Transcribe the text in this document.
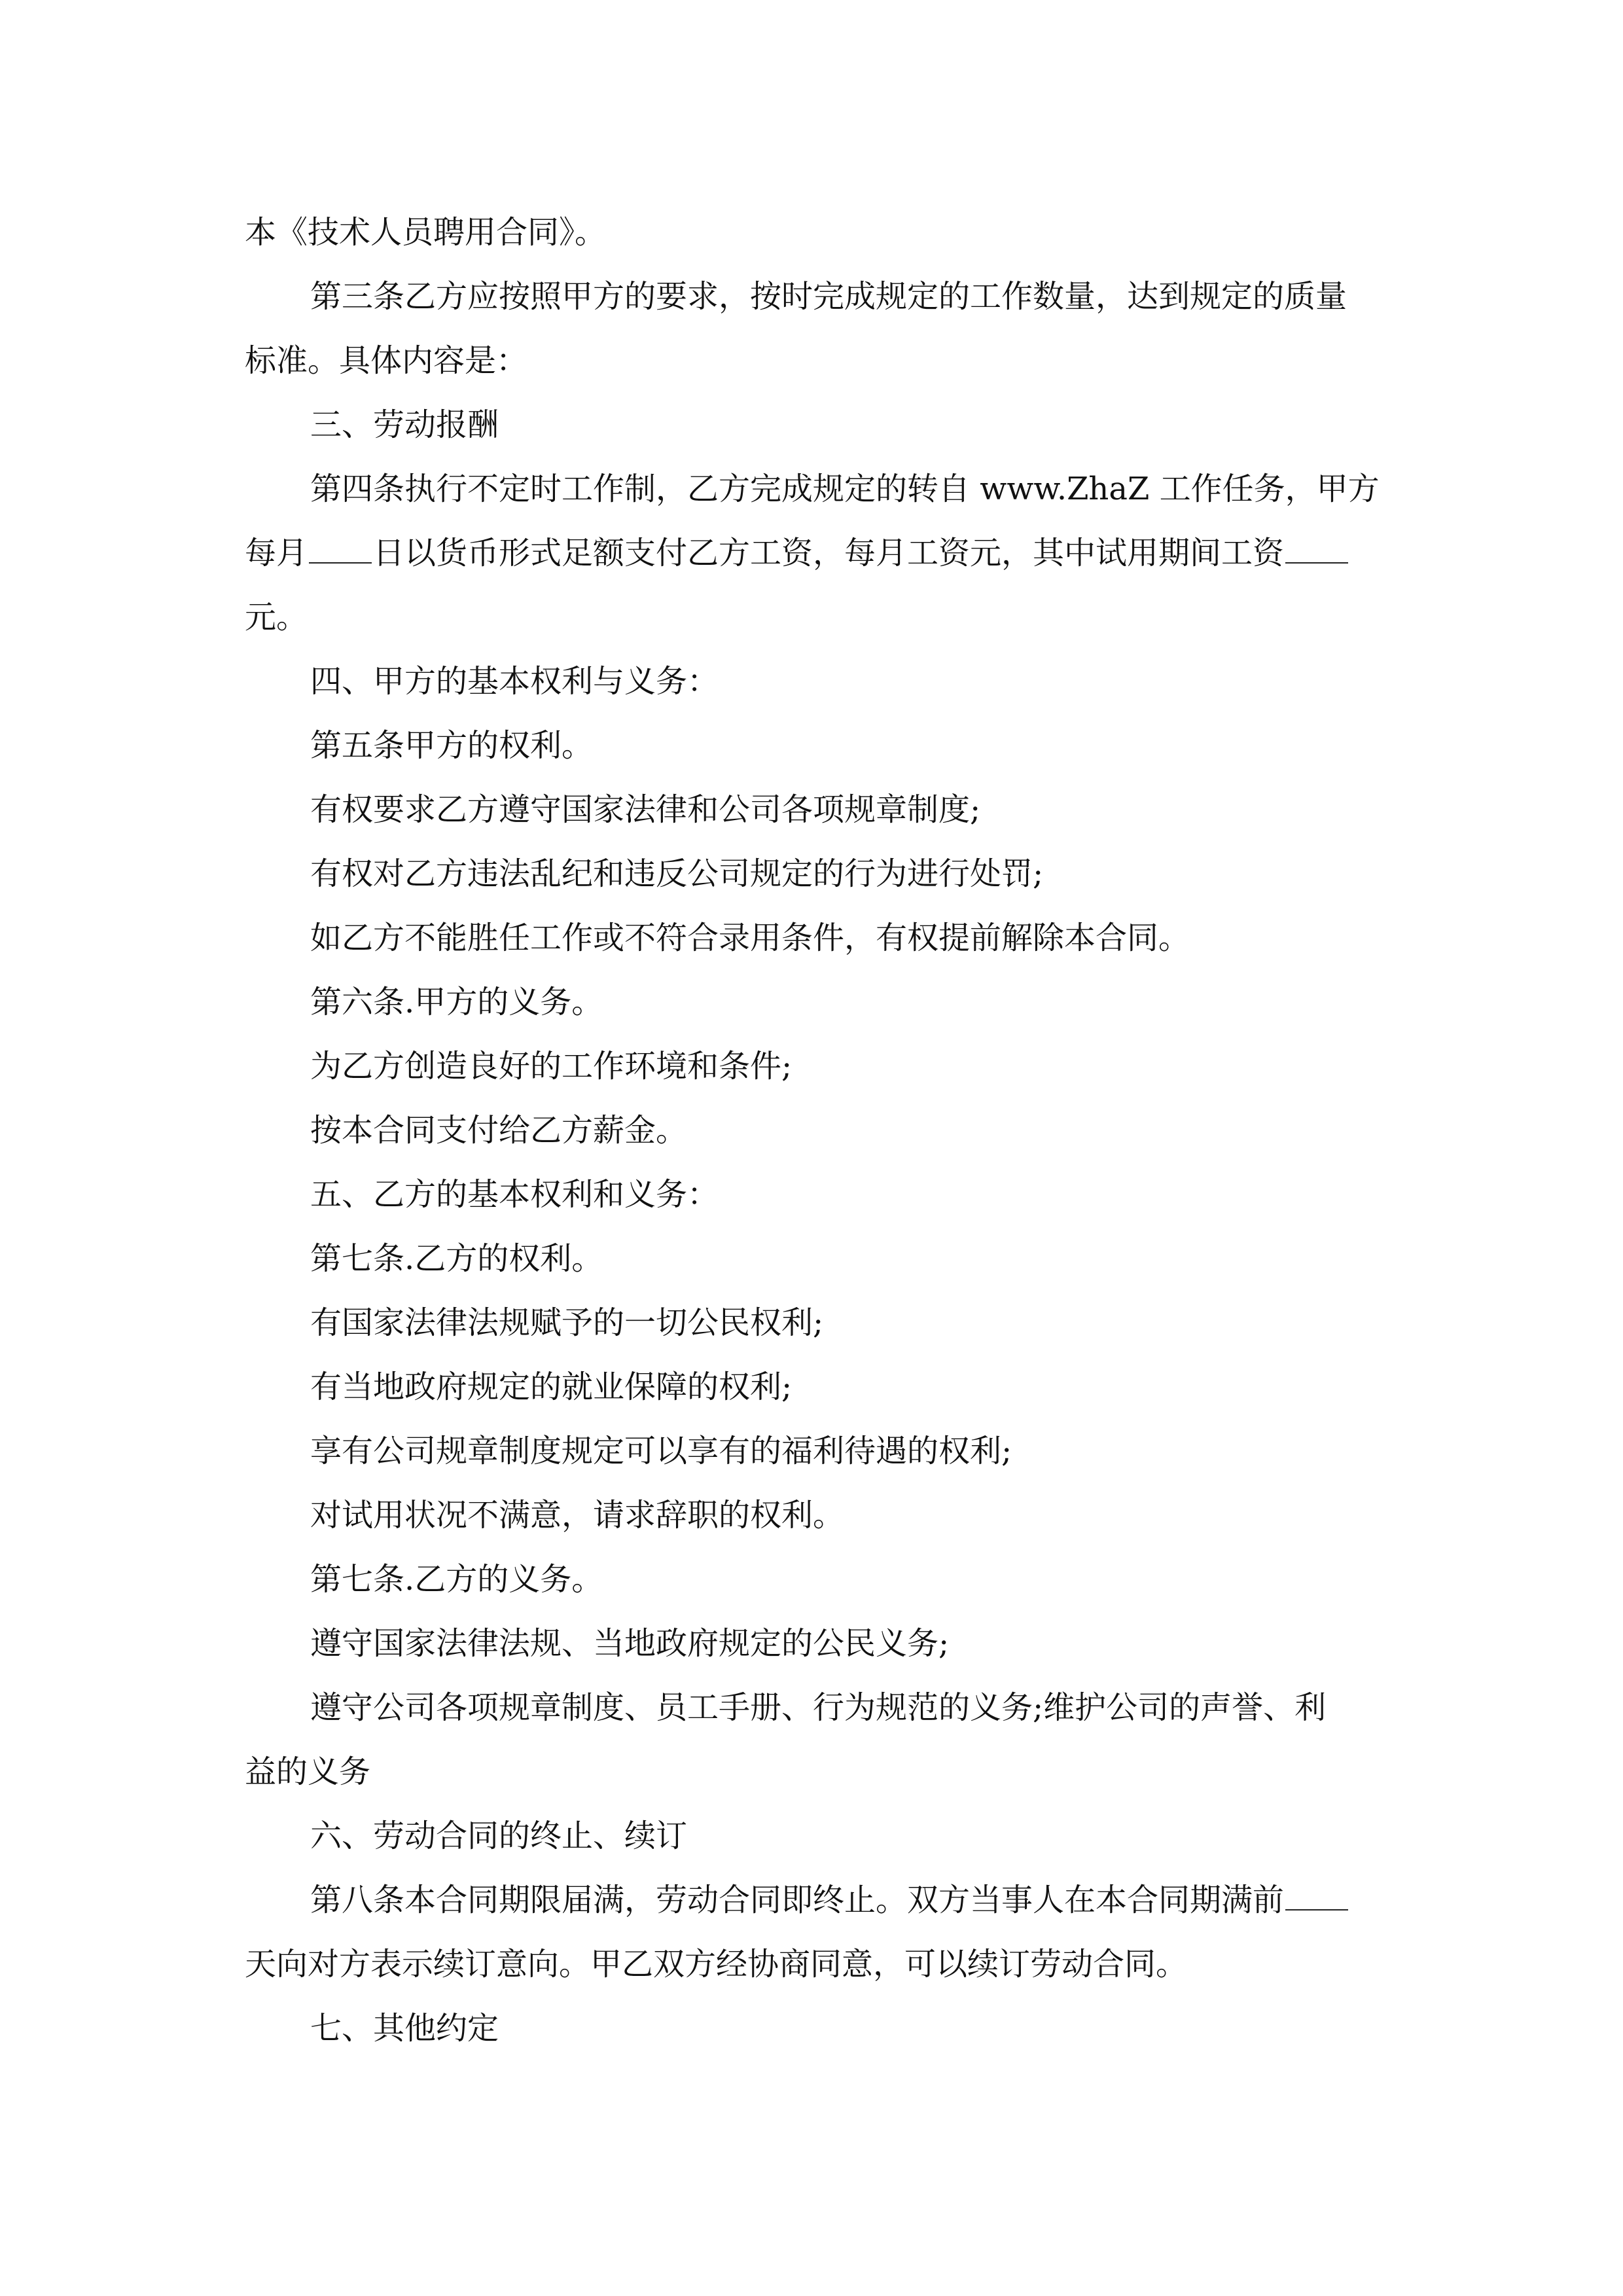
本《技术人员聘用合同》。
第三条乙方应按照甲方的要求，按时完成规定的工作数量，达到规定的质量
标准。具体内容是：
三、劳动报酬
第四条执行不定时工作制，乙方完成规定的转自 www.ZhaZ 工作任务，甲方
每月 日以货币形式足额支付乙方工资，每月工资元，其中试用期间工资
元。
四、甲方的基本权利与义务：
第五条甲方的权利。
有权要求乙方遵守国家法律和公司各项规章制度;
有权对乙方违法乱纪和违反公司规定的行为进行处罚;
如乙方不能胜任工作或不符合录用条件，有权提前解除本合同。
第六条.甲方的义务。
为乙方创造良好的工作环境和条件;
按本合同支付给乙方薪金。
五、乙方的基本权利和义务：
第七条.乙方的权利。
有国家法律法规赋予的一切公民权利;
有当地政府规定的就业保障的权利;
享有公司规章制度规定可以享有的福利待遇的权利;
对试用状况不满意，请求辞职的权利。
第七条.乙方的义务。
遵守国家法律法规、当地政府规定的公民义务;
遵守公司各项规章制度、员工手册、行为规范的义务;维护公司的声誉、利
益的义务
六、劳动合同的终止、续订
第八条本合同期限届满，劳动合同即终止。双方当事人在本合同期满前
天向对方表示续订意向。甲乙双方经协商同意，可以续订劳动合同。
七、其他约定
